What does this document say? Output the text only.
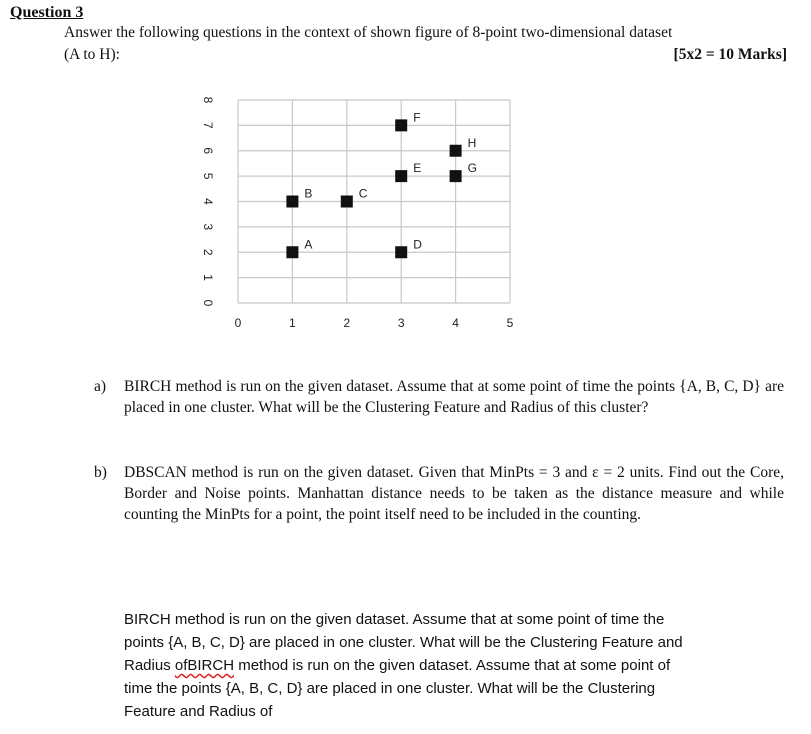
Question 3
Answer the following questions in the context of shown figure of 8-point two-dimensional dataset
(A to H):	[5x2 = 10 Marks]
0
1
2
3
4
5
6
7
8
0	1	2	3	4	5
A
B	C
D
E
F
G
H
a) BIRCH method is run on the given dataset. Assume that at some point of time the points {A, B, C, D} are placed in one cluster. What will be the Clustering Feature and Radius of this cluster?
b) DBSCAN method is run on the given dataset. Given that MinPts = 3 and ε = 2 units. Find out the Core, Border and Noise points. Manhattan distance needs to be taken as the distance measure and while counting the MinPts for a point, the point itself need to be included in the counting.
BIRCH method is run on the given dataset. Assume that at some point of time the
points {A, B, C, D} are placed in one cluster. What will be the Clustering Feature and
Radius ofBIRCH method is run on the given dataset. Assume that at some point of
time the points {A, B, C, D} are placed in one cluster. What will be the Clustering
Feature and Radius of
